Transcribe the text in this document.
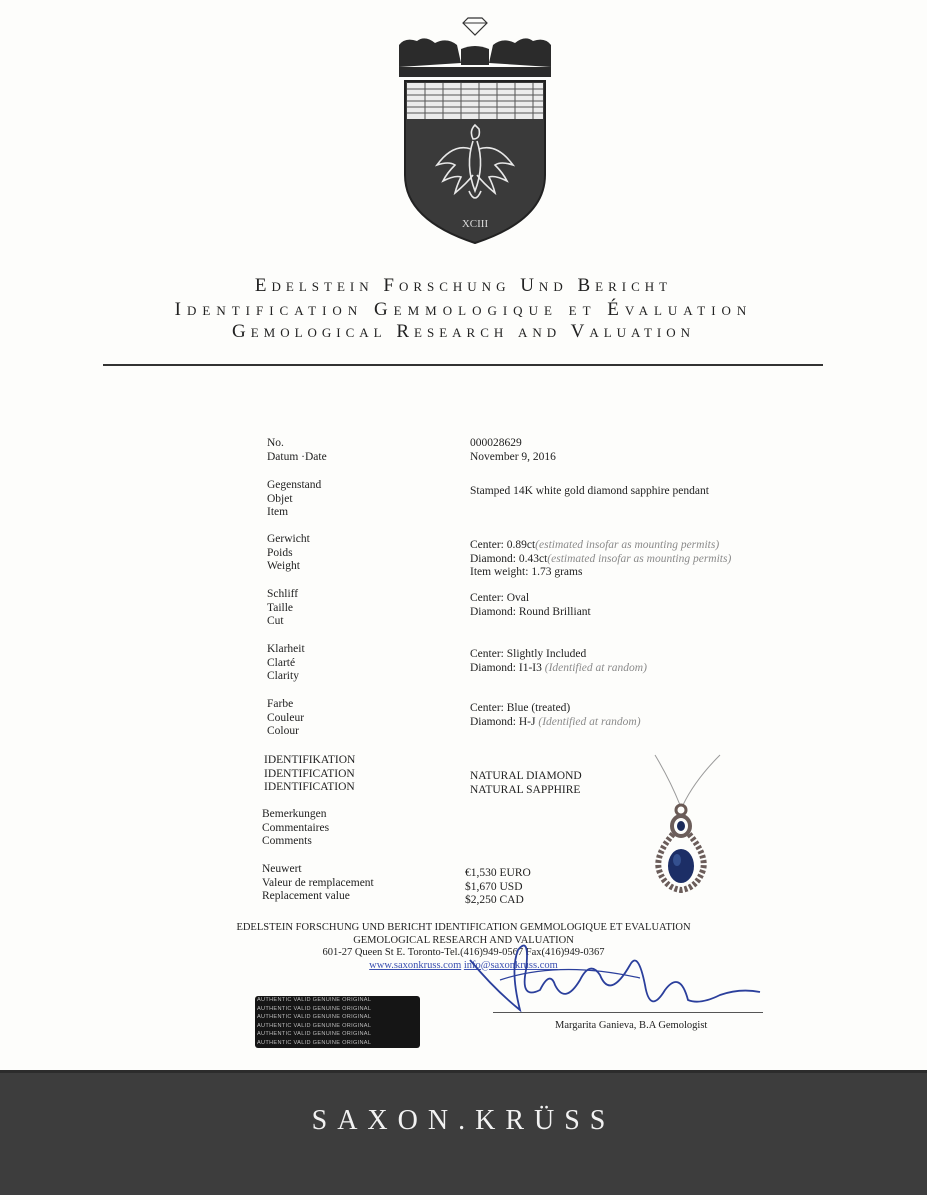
XCIII
Edelstein Forschung Und Bericht
Identification Gemmologique et Évaluation
Gemological Research and Valuation
No.
Datum ·Date
000028629
November 9, 2016
Gegenstand
Objet
Item
Stamped 14K white gold diamond sapphire pendant
Gerwicht
Poids
Weight
Center: 0.89ct(estimated insofar as mounting permits)
Diamond: 0.43ct(estimated insofar as mounting permits)
Item weight: 1.73 grams
Schliff
Taille
Cut
Center: Oval
Diamond: Round Brilliant
Klarheit
Clarté
Clarity
Center: Slightly Included
Diamond: I1-I3 (Identified at random)
Farbe
Couleur
Colour
Center: Blue (treated)
Diamond: H-J (Identified at random)
IDENTIFIKATION
IDENTIFICATION
IDENTIFICATION
NATURAL DIAMOND
NATURAL SAPPHIRE
Bemerkungen
Commentaires
Comments
Neuwert
Valeur de remplacement
Replacement value
€1,530 EURO
$1,670 USD
$2,250 CAD
EDELSTEIN FORSCHUNG UND BERICHT IDENTIFICATION GEMMOLOGIQUE ET EVALUATION
GEMOLOGICAL RESEARCH AND VALUATION
601-27 Queen St E. Toronto-Tel.(416)949-0567 Fax(416)949-0367
www.saxonkruss.com info@saxonkruss.com
Margarita Ganieva, B.A Gemologist
AUTHENTIC VALID GENUINE ORIGINAL
AUTHENTIC VALID GENUINE ORIGINAL
AUTHENTIC VALID GENUINE ORIGINAL
AUTHENTIC VALID GENUINE ORIGINAL
AUTHENTIC VALID GENUINE ORIGINAL
AUTHENTIC VALID GENUINE ORIGINAL
SAXON.KRÜSS
